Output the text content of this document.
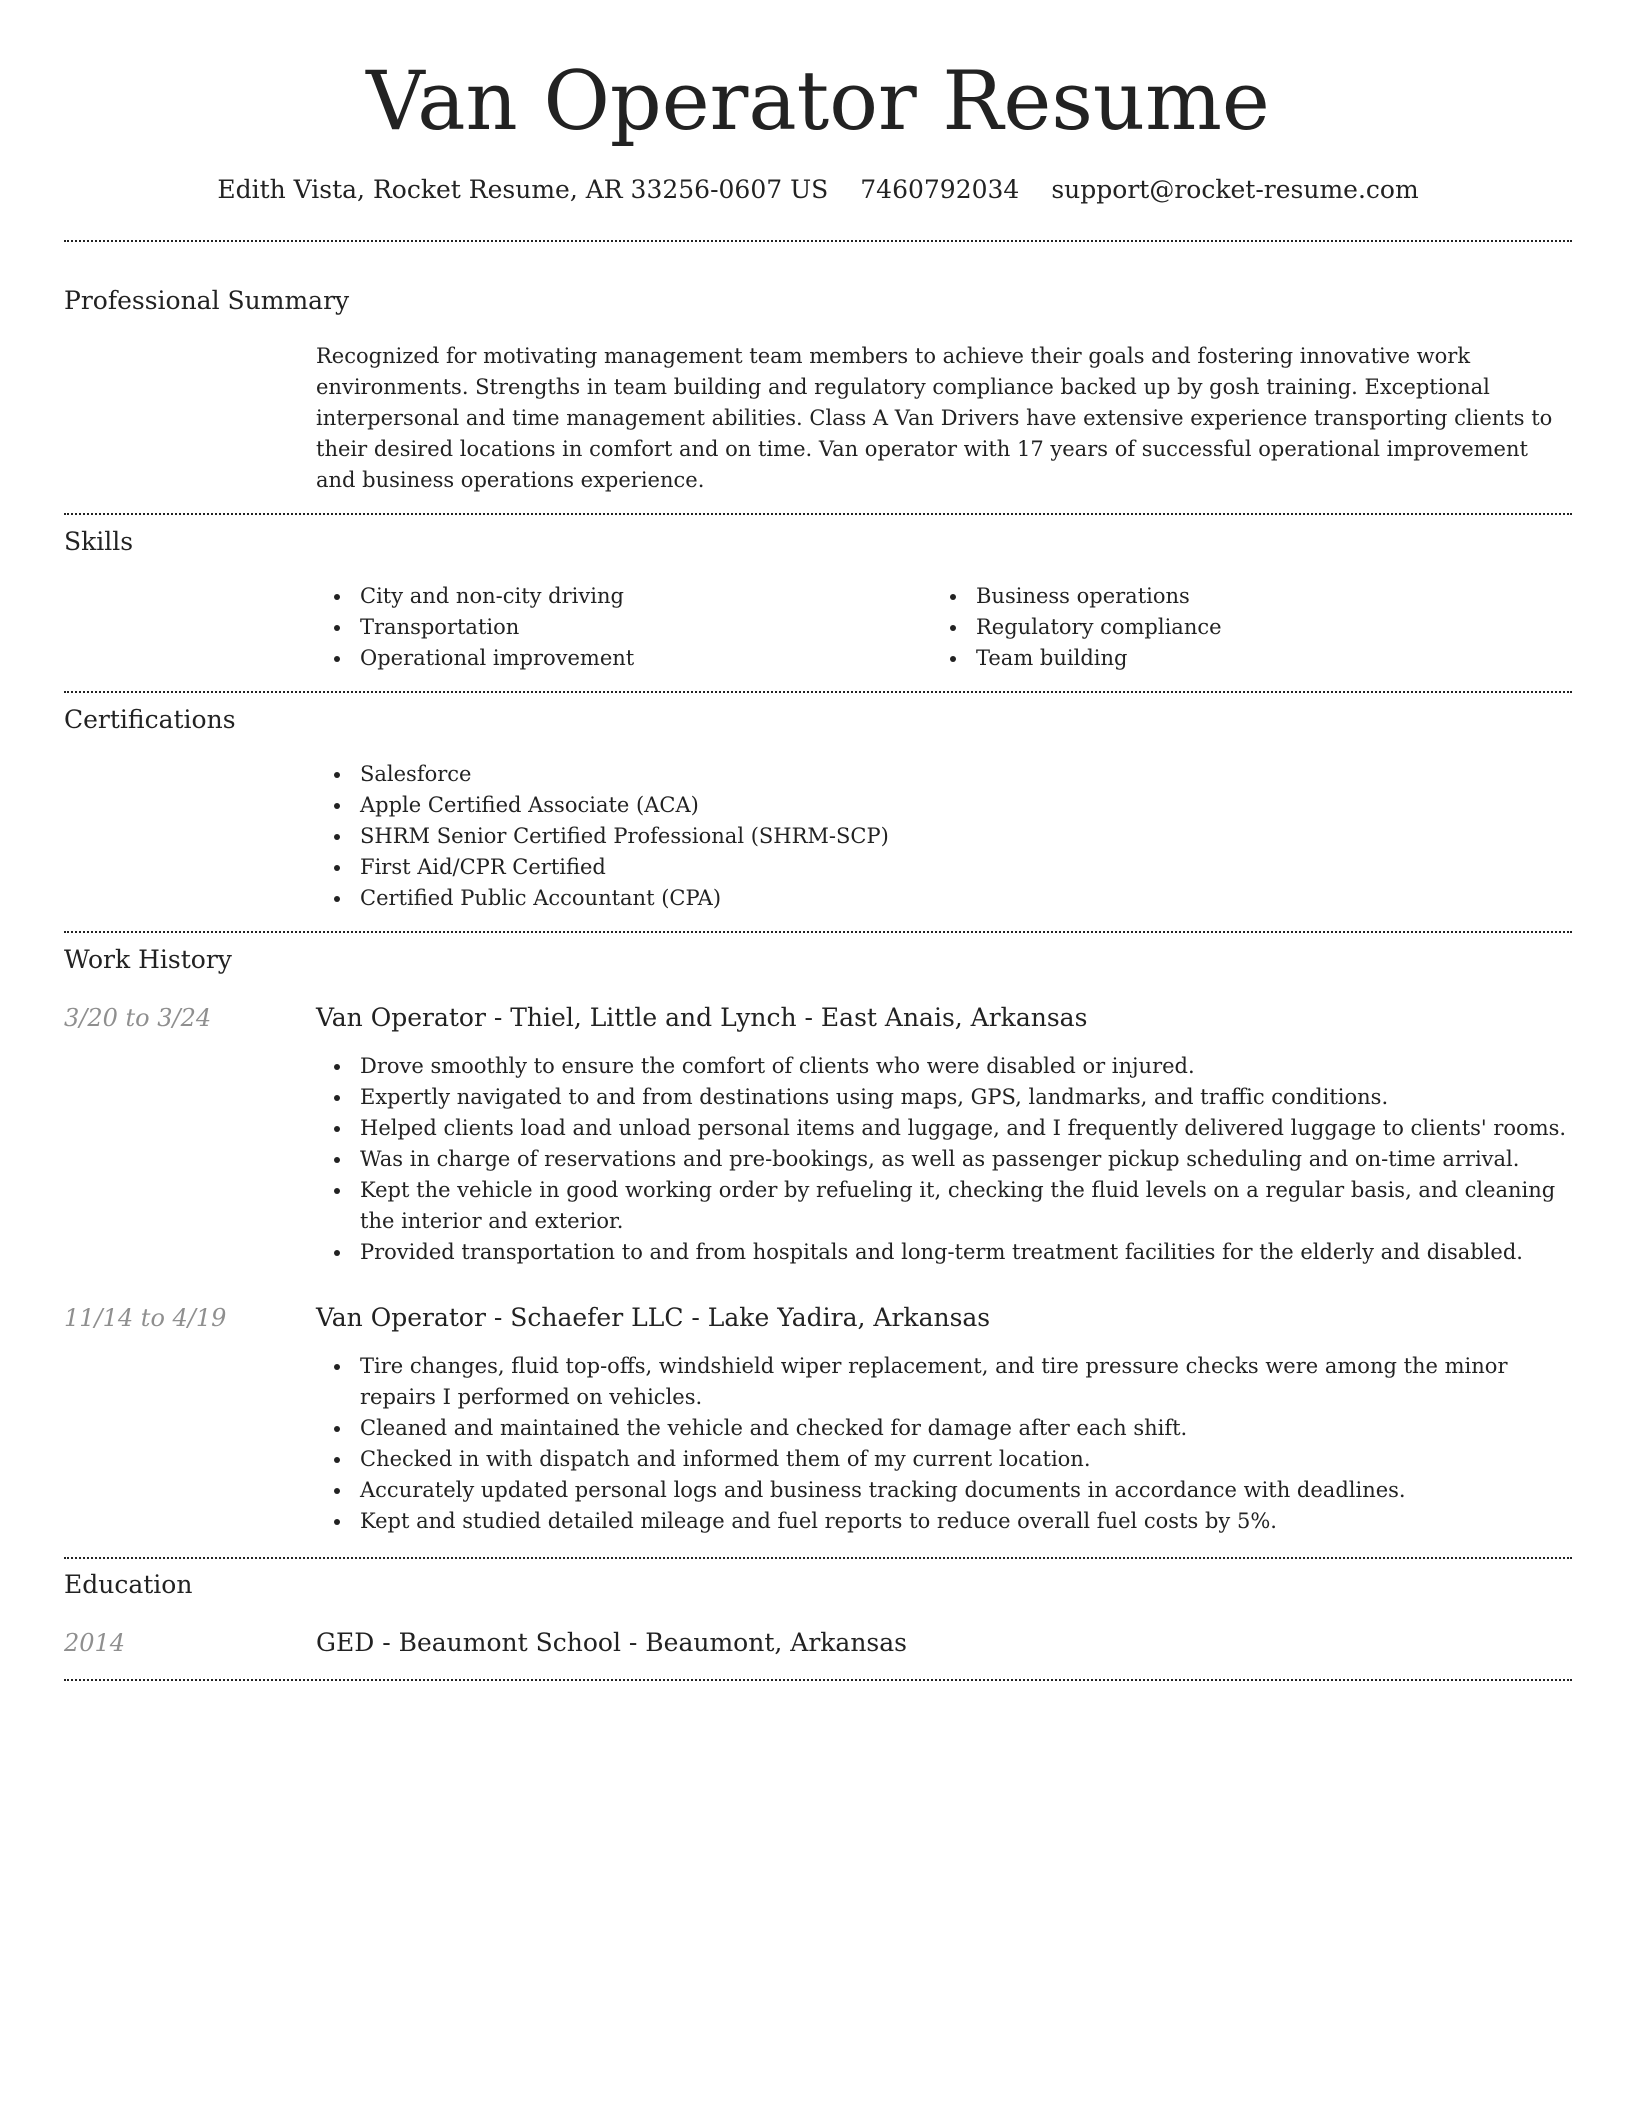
Van Operator Resume
Edith Vista, Rocket Resume, AR 33256-0607 US 7460792034 support@rocket-resume.com
Professional Summary
Recognized for motivating management team members to achieve their goals and fostering innovative work environments. Strengths in team building and regulatory compliance backed up by gosh training. Exceptional interpersonal and time management abilities. Class A Van Drivers have extensive experience transporting clients to their desired locations in comfort and on time. Van operator with 17 years of successful operational improvement and business operations experience.
Skills
City and non-city driving
Transportation
Operational improvement
Business operations
Regulatory compliance
Team building
Certifications
Salesforce
Apple Certified Associate (ACA)
SHRM Senior Certified Professional (SHRM-SCP)
First Aid/CPR Certified
Certified Public Accountant (CPA)
Work History
3/20 to 3/24	Van Operator - Thiel, Little and Lynch - East Anais, Arkansas
Drove smoothly to ensure the comfort of clients who were disabled or injured.
Expertly navigated to and from destinations using maps, GPS, landmarks, and traffic conditions.
Helped clients load and unload personal items and luggage, and I frequently delivered luggage to clients' rooms.
Was in charge of reservations and pre-bookings, as well as passenger pickup scheduling and on-time arrival.
Kept the vehicle in good working order by refueling it, checking the fluid levels on a regular basis, and cleaning the interior and exterior.
Provided transportation to and from hospitals and long-term treatment facilities for the elderly and disabled.
11/14 to 4/19	Van Operator - Schaefer LLC - Lake Yadira, Arkansas
Tire changes, fluid top-offs, windshield wiper replacement, and tire pressure checks were among the minor repairs I performed on vehicles.
Cleaned and maintained the vehicle and checked for damage after each shift.
Checked in with dispatch and informed them of my current location.
Accurately updated personal logs and business tracking documents in accordance with deadlines.
Kept and studied detailed mileage and fuel reports to reduce overall fuel costs by 5%.
Education
2014	GED - Beaumont School - Beaumont, Arkansas
